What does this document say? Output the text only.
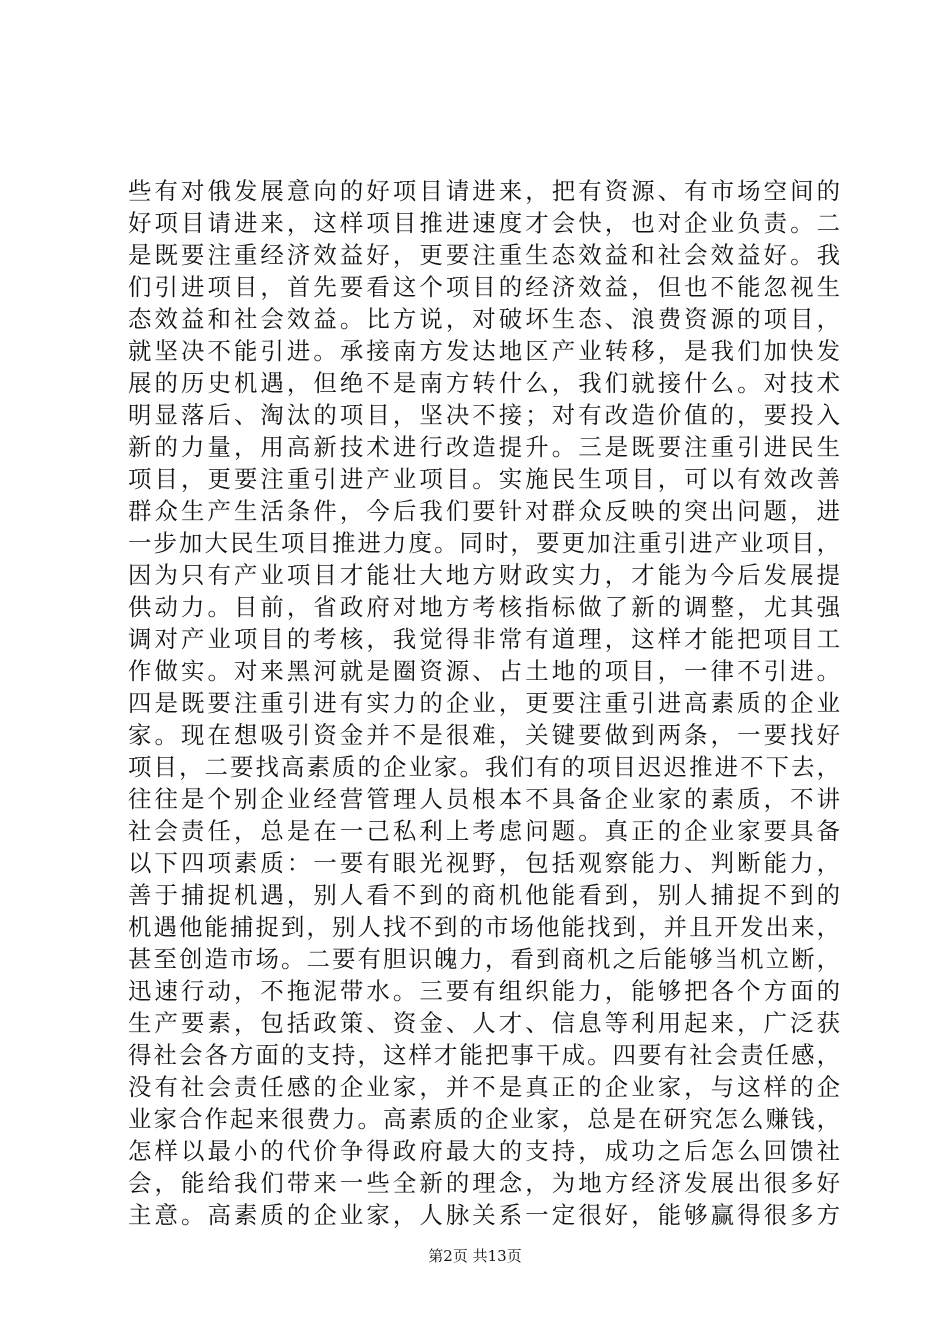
些有对俄发展意向的好项目请进来，把有资源、有市场空间的
好项目请进来，这样项目推进速度才会快，也对企业负责。二
是既要注重经济效益好，更要注重生态效益和社会效益好。我
们引进项目，首先要看这个项目的经济效益，但也不能忽视生
态效益和社会效益。比方说，对破坏生态、浪费资源的项目，
就坚决不能引进。承接南方发达地区产业转移，是我们加快发
展的历史机遇，但绝不是南方转什么，我们就接什么。对技术
明显落后、淘汰的项目，坚决不接；对有改造价值的，要投入
新的力量，用高新技术进行改造提升。三是既要注重引进民生
项目，更要注重引进产业项目。实施民生项目，可以有效改善
群众生产生活条件，今后我们要针对群众反映的突出问题，进
一步加大民生项目推进力度。同时，要更加注重引进产业项目，
因为只有产业项目才能壮大地方财政实力，才能为今后发展提
供动力。目前，省政府对地方考核指标做了新的调整，尤其强
调对产业项目的考核，我觉得非常有道理，这样才能把项目工
作做实。对来黑河就是圈资源、占土地的项目，一律不引进。
四是既要注重引进有实力的企业，更要注重引进高素质的企业
家。现在想吸引资金并不是很难，关键要做到两条，一要找好
项目，二要找高素质的企业家。我们有的项目迟迟推进不下去，
往往是个别企业经营管理人员根本不具备企业家的素质，不讲
社会责任，总是在一己私利上考虑问题。真正的企业家要具备
以下四项素质：一要有眼光视野，包括观察能力、判断能力，
善于捕捉机遇，别人看不到的商机他能看到，别人捕捉不到的
机遇他能捕捉到，别人找不到的市场他能找到，并且开发出来，
甚至创造市场。二要有胆识魄力，看到商机之后能够当机立断，
迅速行动，不拖泥带水。三要有组织能力，能够把各个方面的
生产要素，包括政策、资金、人才、信息等利用起来，广泛获
得社会各方面的支持，这样才能把事干成。四要有社会责任感，
没有社会责任感的企业家，并不是真正的企业家，与这样的企
业家合作起来很费力。高素质的企业家，总是在研究怎么赚钱，
怎样以最小的代价争得政府最大的支持，成功之后怎么回馈社
会，能给我们带来一些全新的理念，为地方经济发展出很多好
主意。高素质的企业家，人脉关系一定很好，能够赢得很多方
第2页 共13页
